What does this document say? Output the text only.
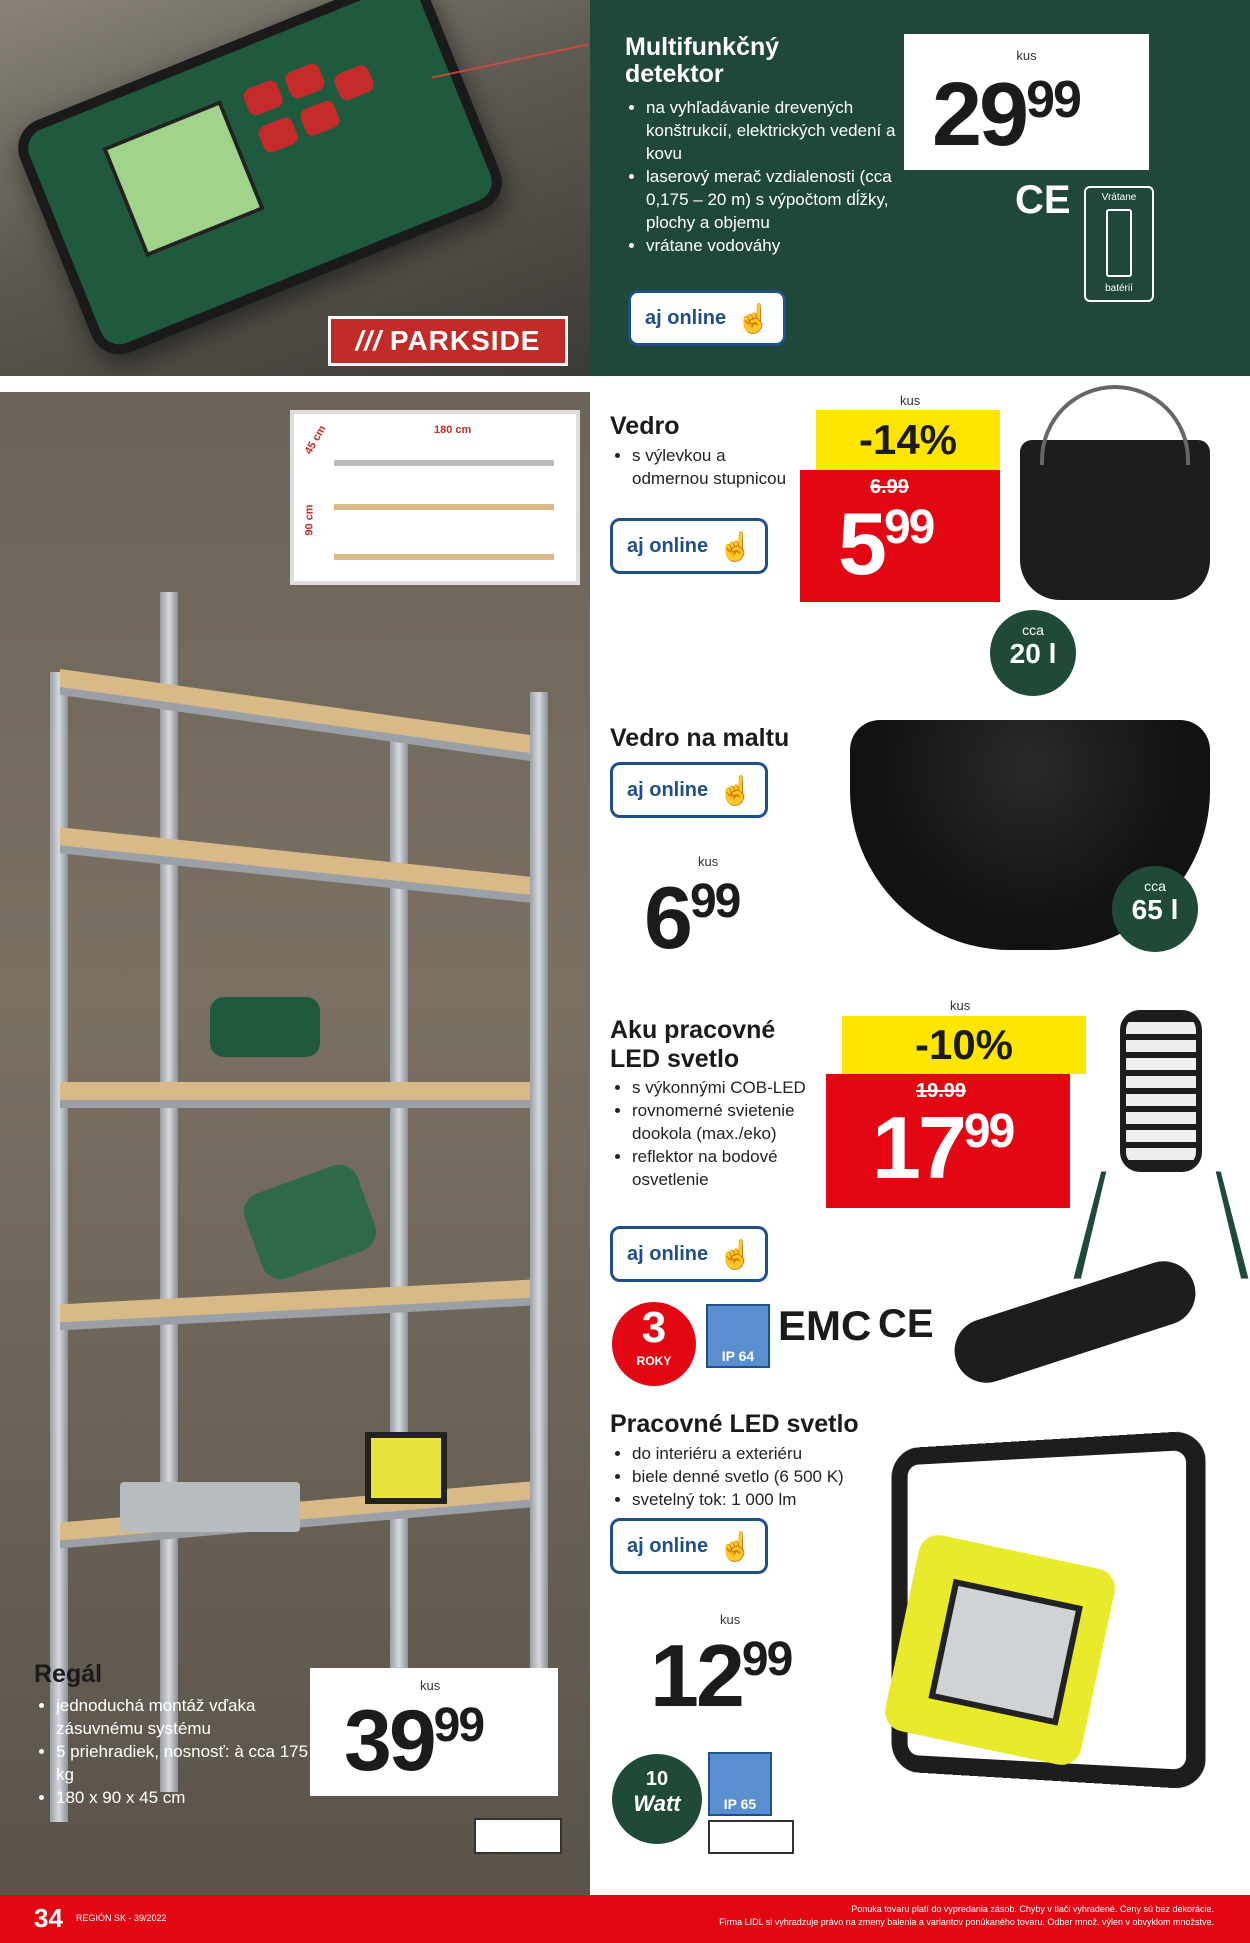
/// PARKSIDE
Multifunkčný detektor
• na vyhľadávanie drevených konštrukcií, elektrických vedení a kovu
• laserový merač vzdialenosti (cca 0,175 – 20 m) s výpočtom dĺžky, plochy a objemu
• vrátane vodováhy
kus
2999
CE	Vrátane
batérií
aj online ☝
180 cm
45 cm
90 cm
Regál
• jednoduchá montáž vďaka zásuvnému systému
• 5 priehradiek, nosnosť: à cca 175 kg
• 180 x 90 x 45 cm
kus
3999
Vedro
• s výlevkou a odmernou stupnicou
aj online ☝
kus
-14%
6.99
599
cca
20 l
Vedro na maltu
aj online ☝
kus
699	cca
65 l
Aku pracovné LED svetlo
• s výkonnými COB-LED
• rovnomerné svietenie dookola (max./eko)
• reflektor na bodové osvetlenie
kus
-10%
19.99
1799
aj online ☝
3
ROKY	IP 64
EMC CE
Pracovné LED svetlo
• do interiéru a exteriéru
• biele denné svetlo (6 500 K)
• svetelný tok: 1 000 lm
aj online ☝
kus
1299
10
Watt	IP 65
34 REGIÓN SK - 39/2022
Ponuka tovaru platí do vypredania zásob. Chyby v tlači vyhradené. Ceny sú bez dekorácie.
Firma LIDL si vyhradzuje právo na zmeny balenia a variantov ponúkaného tovaru. Odber množ. výlen v obvyklom množstve.
